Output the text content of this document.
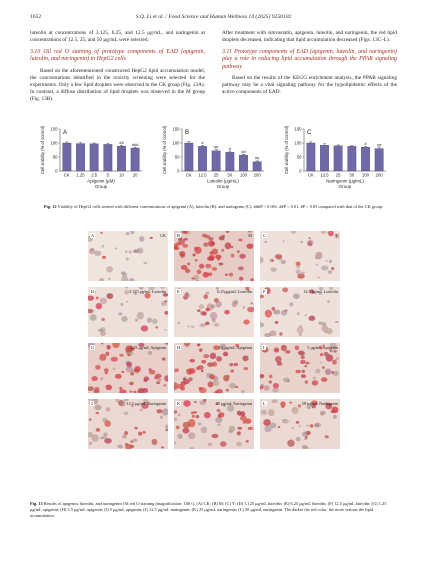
1652	S.Q. Li et al. / Food Science and Human Wellness 14 (2025) 9250102

luteolin at concentrations of 3.125, 6.25, and 12.5 μg/mL, and naringenin at concentrations of 12.5, 25, and 50 μg/mL were selected.

3.10 Oil red O staining of prototype components of EAD (apigenin, luteolin, and naringenin) in HepG2 cells

Based on the aforementioned constructed HepG2 lipid accumulation model, the concentrations identified in the toxicity screening were selected for the experiments. Only a few lipid droplets were observed in the CK group (Fig. 13A). In contrast, a diffuse distribution of lipid droplets was observed in the M group (Fig. 13B).

After treatment with simvastatin, apigenin, luteolin, and naringenin, the red lipid droplets decreased, indicating that lipid accumulation decreased (Figs. 13C–L).

3.11 Prototype components of EAD (apigenin, luteolin, and naringenin) play a role in reducing lipid accumulation through the PPAR signaling pathway

Based on the results of the KEGG enrichment analysis, the PPAR signaling pathway may be a vital signaling pathway for the hypolipidemic effects of the active components of EAD.

Cell viability (% of control) 0
50
100
150
A
CK 1.25 2.5 5
##
10
###
20
Apigenin (μM)
Group
Cell viability (% of control) 0
50
100
150
B
CK
#
12.5
##
25
#
50
##
100
##
200
Luteolin (μg/mL)
Group
Cell viability (% of control) 0
50
100
150
C
CK 12.5 25 50
#
100
##
200
Naringenin (μg/mL)
Group
Fig. 12 Viability of HepG2 cells treated with different concentrations of apigenin (A), luteolin (B), and naringenin (C). ###P < 0.001, ##P < 0.01, #P < 0.05 compared with that of the CK group.
A	CK B	M C	Y
D	3.125 μg/mL Luteolin E	6.25 μg/mL Luteolin F	12.5 μg/mL Luteolin
G	1.25 μg/mL Apigenin H	2.5 μg/mL Apigenin I	5 μg/mL Apigenin
J	12.5 μg/mL Naringenin K	25 μg/mL Naringenin L	50 μg/mL Naringenin
Fig. 13 Results of apigenin, luteolin, and naringenin Oil red O staining (magnification: 100×). (A) CK; (B) M; (C) Y; (D) 3.125 μg/mL luteolin; (E) 6.25 μg/mL luteolin; (F) 12.5 μg/mL luteolin; (G) 1.25 μg/mL apigenin; (H) 2.5 μg/mL apigenin; (I) 5 μg/mL apigenin; (J) 12.5 μg/mL naringenin; (K) 25 μg/mL naringenin; (L) 50 μg/mL naringenin. The darker the red color, the more serious the lipid accumulation.
